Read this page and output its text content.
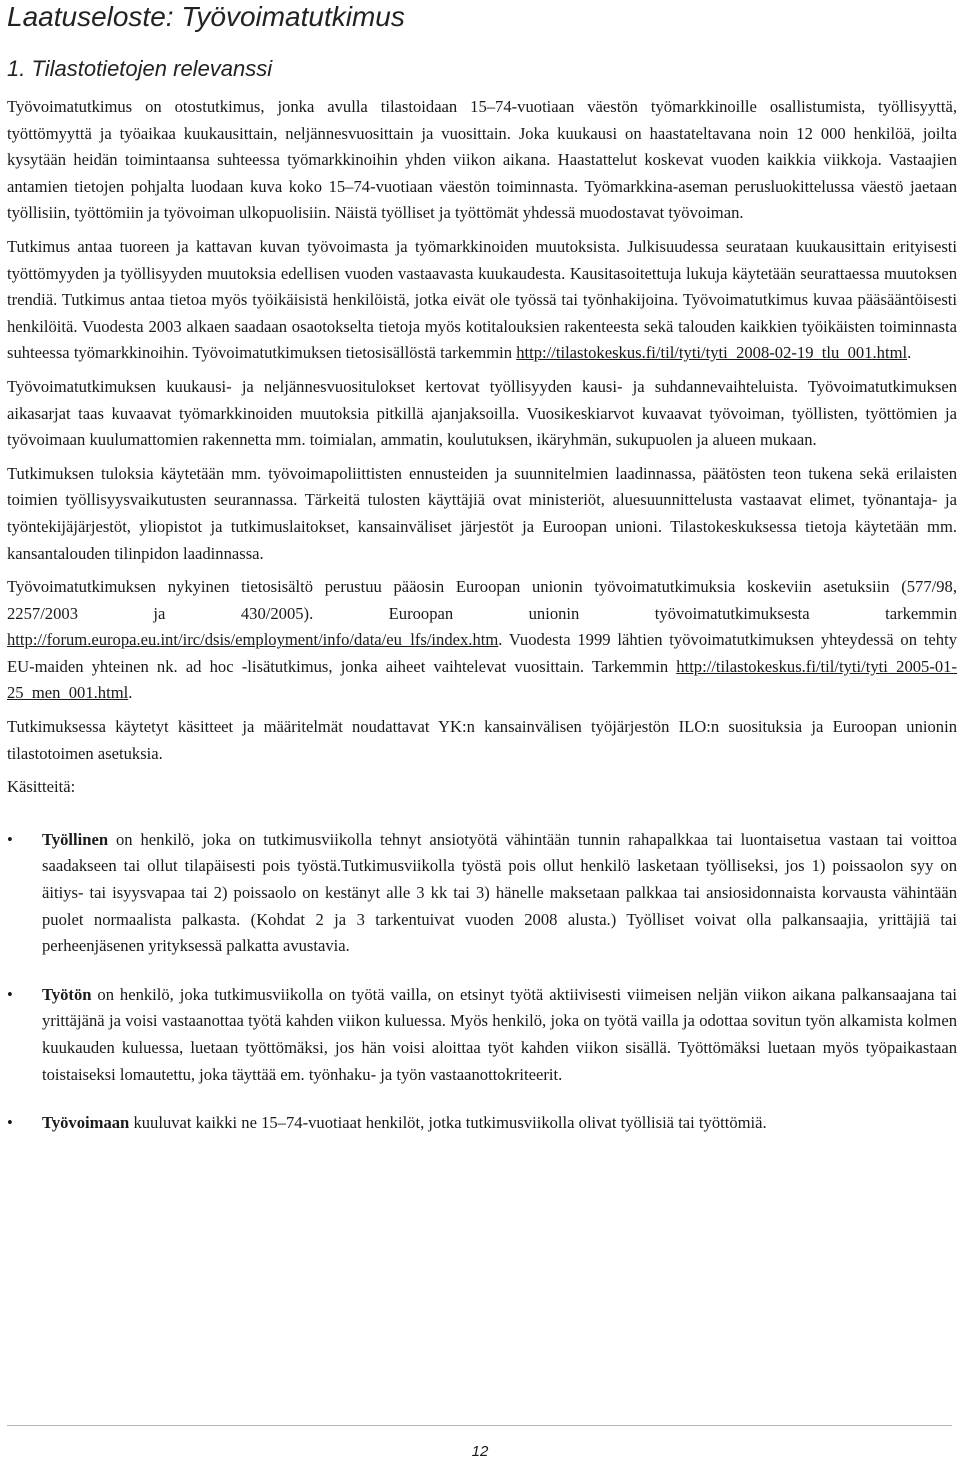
Laatuseloste: Työvoimatutkimus
1. Tilastotietojen relevanssi

Työvoimatutkimus on otostutkimus, jonka avulla tilastoidaan 15–74-vuotiaan väestön työmarkkinoille osallistumista, työllisyyttä, työttömyyttä ja työaikaa kuukausittain, neljännesvuosittain ja vuosittain. Joka kuukausi on haastateltavana noin 12 000 henkilöä, joilta kysytään heidän toimintaansa suhteessa työmarkkinoihin yhden viikon aikana. Haastattelut koskevat vuoden kaikkia viikkoja. Vastaajien antamien tietojen pohjalta luodaan kuva koko 15–74-vuotiaan väestön toiminnasta. Työmarkkina-aseman perusluokittelussa väestö jaetaan työllisiin, työttömiin ja työvoiman ulkopuolisiin. Näistä työlliset ja työttömät yhdessä muodostavat työvoiman.

Tutkimus antaa tuoreen ja kattavan kuvan työvoimasta ja työmarkkinoiden muutoksista. Julkisuudessa seurataan kuukausittain erityisesti työttömyyden ja työllisyyden muutoksia edellisen vuoden vastaavasta kuukaudesta. Kausitasoitettuja lukuja käytetään seurattaessa muutoksen trendiä. Tutkimus antaa tietoa myös työikäisistä henkilöistä, jotka eivät ole työssä tai työnhakijoina. Työvoimatutkimus kuvaa pääsääntöisesti henkilöitä. Vuodesta 2003 alkaen saadaan osaotokselta tietoja myös kotitalouksien rakenteesta sekä talouden kaikkien työikäisten toiminnasta suhteessa työmarkkinoihin. Työvoimatutkimuksen tietosisällöstä tarkemmin http://tilastokeskus.fi/til/tyti/tyti_2008-02-19_tlu_001.html.

Työvoimatutkimuksen kuukausi- ja neljännesvuositulokset kertovat työllisyyden kausi- ja suhdannevaihteluista. Työvoimatutkimuksen aikasarjat taas kuvaavat työmarkkinoiden muutoksia pitkillä ajanjaksoilla. Vuosikeskiarvot kuvaavat työvoiman, työllisten, työttömien ja työvoimaan kuulumattomien rakennetta mm. toimialan, ammatin, koulutuksen, ikäryhmän, sukupuolen ja alueen mukaan.

Tutkimuksen tuloksia käytetään mm. työvoimapoliittisten ennusteiden ja suunnitelmien laadinnassa, päätösten teon tukena sekä erilaisten toimien työllisyysvaikutusten seurannassa. Tärkeitä tulosten käyttäjiä ovat ministeriöt, aluesuunnittelusta vastaavat elimet, työnantaja- ja työntekijäjärjestöt, yliopistot ja tutkimuslaitokset, kansainväliset järjestöt ja Euroopan unioni. Tilastokeskuksessa tietoja käytetään mm. kansantalouden tilinpidon laadinnassa.

Työvoimatutkimuksen nykyinen tietosisältö perustuu pääosin Euroopan unionin työvoimatutkimuksia koskeviin asetuksiin (577/98, 2257/2003 ja 430/2005). Euroopan unionin työvoimatutkimuksesta tarkemmin http://forum.europa.eu.int/irc/dsis/employment/info/data/eu_lfs/index.htm. Vuodesta 1999 lähtien työvoimatutkimuksen yhteydessä on tehty EU-maiden yhteinen nk. ad hoc -lisätutkimus, jonka aiheet vaihtelevat vuosittain. Tarkemmin http://tilastokeskus.fi/til/tyti/tyti_2005-01-25_men_001.html.

Tutkimuksessa käytetyt käsitteet ja määritelmät noudattavat YK:n kansainvälisen työjärjestön ILO:n suosituksia ja Euroopan unionin tilastotoimen asetuksia.

Käsitteitä:

• Työllinen on henkilö, joka on tutkimusviikolla tehnyt ansiotyötä vähintään tunnin rahapalkkaa tai luontaisetua vastaan tai voittoa saadakseen tai ollut tilapäisesti pois työstä.Tutkimusviikolla työstä pois ollut henkilö lasketaan työlliseksi, jos 1) poissaolon syy on äitiys- tai isyysvapaa tai 2) poissaolo on kestänyt alle 3 kk tai 3) hänelle maksetaan palkkaa tai ansiosidonnaista korvausta vähintään puolet normaalista palkasta. (Kohdat 2 ja 3 tarkentuivat vuoden 2008 alusta.) Työlliset voivat olla palkansaajia, yrittäjiä tai perheenjäsenen yrityksessä palkatta avustavia.
• Työtön on henkilö, joka tutkimusviikolla on työtä vailla, on etsinyt työtä aktiivisesti viimeisen neljän viikon aikana palkansaajana tai yrittäjänä ja voisi vastaanottaa työtä kahden viikon kuluessa. Myös henkilö, joka on työtä vailla ja odottaa sovitun työn alkamista kolmen kuukauden kuluessa, luetaan työttömäksi, jos hän voisi aloittaa työt kahden viikon sisällä. Työttömäksi luetaan myös työpaikastaan toistaiseksi lomautettu, joka täyttää em. työnhaku- ja työn vastaanottokriteerit.
• Työvoimaan kuuluvat kaikki ne 15–74-vuotiaat henkilöt, jotka tutkimusviikolla olivat työllisiä tai työttömiä.
12
